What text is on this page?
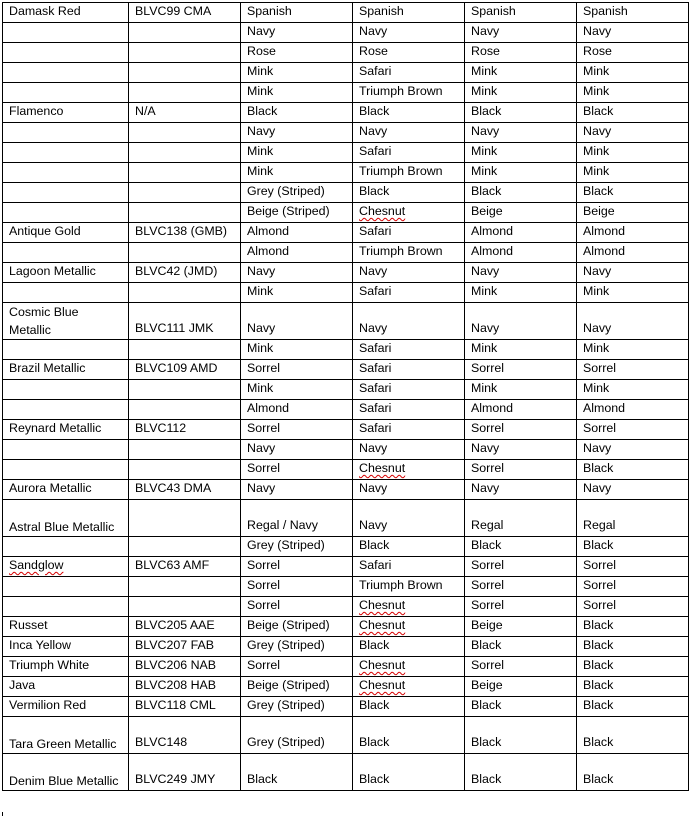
Damask Red	BLVC99 CMA	Spanish	Spanish	Spanish	Spanish
		Navy	Navy	Navy	Navy
		Rose	Rose	Rose	Rose
		Mink	Safari	Mink	Mink
		Mink	Triumph Brown	Mink	Mink
Flamenco	N/A	Black	Black	Black	Black
		Navy	Navy	Navy	Navy
		Mink	Safari	Mink	Mink
		Mink	Triumph Brown	Mink	Mink
		Grey (Striped)	Black	Black	Black
		Beige (Striped)	Chesnut	Beige	Beige
Antique Gold	BLVC138 (GMB)	Almond	Safari	Almond	Almond
		Almond	Triumph Brown	Almond	Almond
Lagoon Metallic	BLVC42 (JMD)	Navy	Navy	Navy	Navy
		Mink	Safari	Mink	Mink
Cosmic Blue Metallic	BLVC111 JMK	Navy	Navy	Navy	Navy
		Mink	Safari	Mink	Mink
Brazil Metallic	BLVC109 AMD	Sorrel	Safari	Sorrel	Sorrel
		Mink	Safari	Mink	Mink
		Almond	Safari	Almond	Almond
Reynard Metallic	BLVC112	Sorrel	Safari	Sorrel	Sorrel
		Navy	Navy	Navy	Navy
		Sorrel	Chesnut	Sorrel	Black
Aurora Metallic	BLVC43 DMA	Navy	Navy	Navy	Navy
Astral Blue Metallic		Regal / Navy	Navy	Regal	Regal
		Grey (Striped)	Black	Black	Black
Sandglow	BLVC63 AMF	Sorrel	Safari	Sorrel	Sorrel
		Sorrel	Triumph Brown	Sorrel	Sorrel
		Sorrel	Chesnut	Sorrel	Sorrel
Russet	BLVC205 AAE	Beige (Striped)	Chesnut	Beige	Black
Inca Yellow	BLVC207 FAB	Grey (Striped)	Black	Black	Black
Triumph White	BLVC206 NAB	Sorrel	Chesnut	Sorrel	Black
Java	BLVC208 HAB	Beige (Striped)	Chesnut	Beige	Black
Vermilion Red	BLVC118 CML	Grey (Striped)	Black	Black	Black
Tara Green Metallic	BLVC148	Grey (Striped)	Black	Black	Black
Denim Blue Metallic	BLVC249 JMY	Black	Black	Black	Black
